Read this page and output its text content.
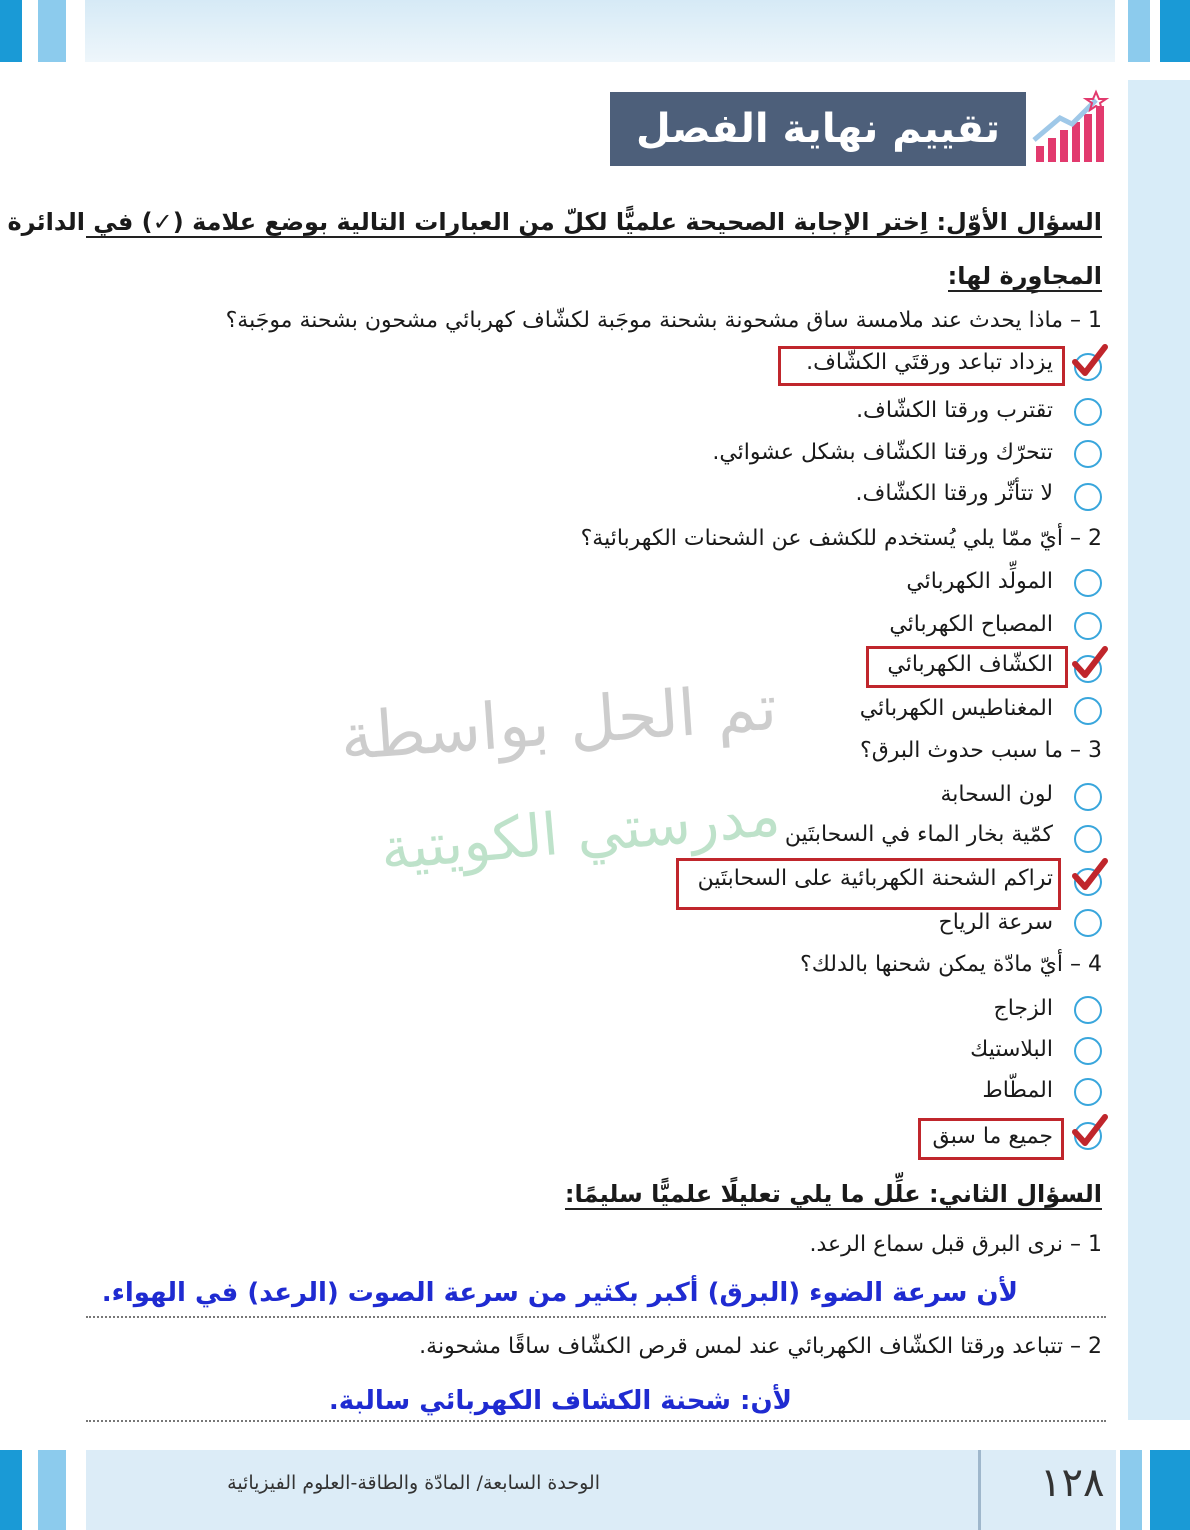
تقييم نهاية الفصل
السؤال الأوّل: اِختر الإجابة الصحيحة علميًّا لكلّ من العبارات التالية بوضع علامة (✓) في الدائرة
المجاوِرة لها:
1 – ماذا يحدث عند ملامسة ساق مشحونة بشحنة موجَبة لكشّاف كهربائي مشحون بشحنة موجَبة؟
يزداد تباعد ورقتَي الكشّاف.
تقترب ورقتا الكشّاف.
تتحرّك ورقتا الكشّاف بشكل عشوائي.
لا تتأثّر ورقتا الكشّاف.
2 – أيّ ممّا يلي يُستخدم للكشف عن الشحنات الكهربائية؟
المولِّد الكهربائي
المصباح الكهربائي
الكشّاف الكهربائي
المغناطيس الكهربائي
3 – ما سبب حدوث البرق؟
لون السحابة
كمّية بخار الماء في السحابتَين
تراكم الشحنة الكهربائية على السحابتَين
سرعة الرياح
4 – أيّ مادّة يمكن شحنها بالدلك؟
الزجاج
البلاستيك
المطّاط
جميع ما سبق
تم الحل بواسطة
مدرستي الكويتية
السؤال الثاني: علِّل ما يلي تعليلًا علميًّا سليمًا:
1 – نرى البرق قبل سماع الرعد.
لأن سرعة الضوء (البرق) أكبر بكثير من سرعة الصوت (الرعد) في الهواء.
2 – تتباعد ورقتا الكشّاف الكهربائي عند لمس قرص الكشّاف ساقًا مشحونة.
لأن: شحنة الكشاف الكهربائي سالبة.
الوحدة السابعة/ المادّة والطاقة-العلوم الفيزيائية	١٢٨
